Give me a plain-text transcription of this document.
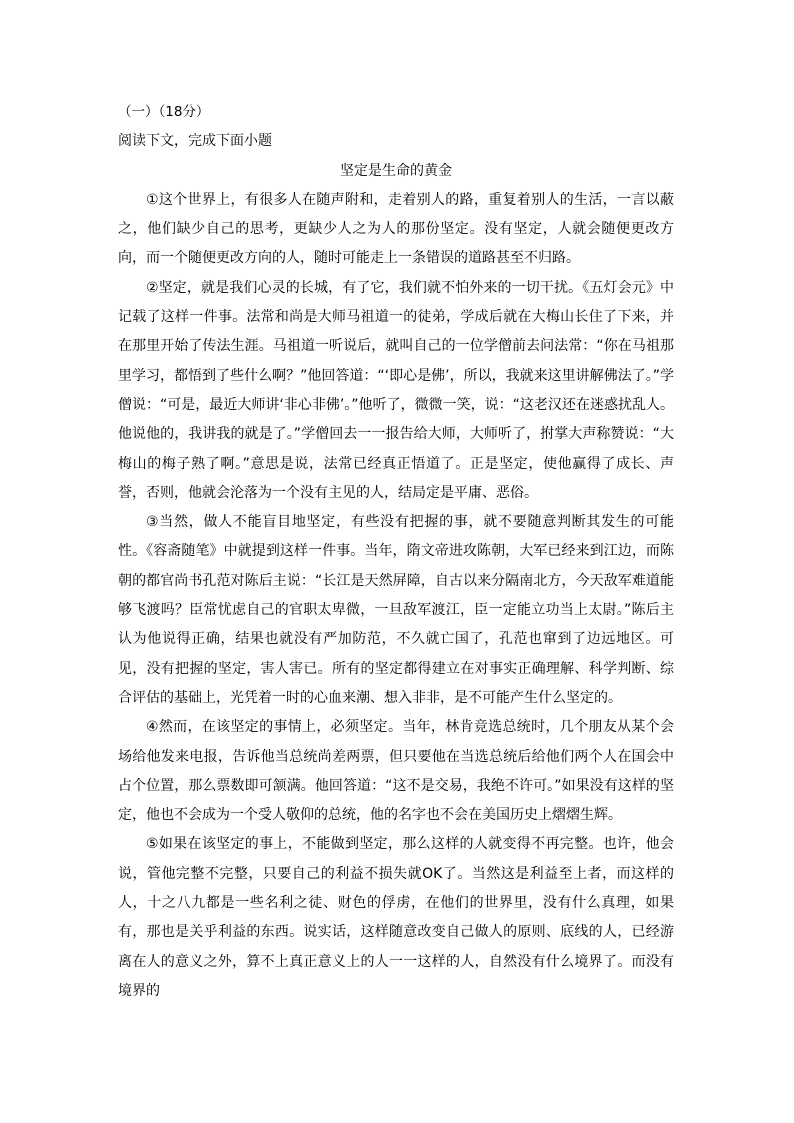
（一）（18分）

阅读下文，完成下面小题

坚定是生命的黄金

①这个世界上，有很多人在随声附和，走着别人的路，重复着别人的生活，一言以蔽之，他们缺少自己的思考，更缺少人之为人的那份坚定。没有坚定，人就会随便更改方向，而一个随便更改方向的人，随时可能走上一条错误的道路甚至不归路。

②坚定，就是我们心灵的长城，有了它，我们就不怕外来的一切干扰。《五灯会元》中记载了这样一件事。法常和尚是大师马祖道一的徒弟，学成后就在大梅山长住了下来，并在那里开始了传法生涯。马祖道一听说后，就叫自己的一位学僧前去问法常：“你在马祖那里学习，都悟到了些什么啊？”他回答道：“‘即心是佛’，所以，我就来这里讲解佛法了。”学僧说：“可是，最近大师讲‘非心非佛’。”他听了，微微一笑，说：“这老汉还在迷惑扰乱人。他说他的，我讲我的就是了。”学僧回去一一报告给大师，大师听了，拊掌大声称赞说：“大梅山的梅子熟了啊。”意思是说，法常已经真正悟道了。正是坚定，使他赢得了成长、声誉，否则，他就会沦落为一个没有主见的人，结局定是平庸、恶俗。

③当然，做人不能盲目地坚定，有些没有把握的事，就不要随意判断其发生的可能性。《容斋随笔》中就提到这样一件事。当年，隋文帝进攻陈朝，大军已经来到江边，而陈朝的都官尚书孔范对陈后主说：“长江是天然屏障，自古以来分隔南北方，今天敌军难道能够飞渡吗？臣常忧虑自己的官职太卑微，一旦敌军渡江，臣一定能立功当上太尉。”陈后主认为他说得正确，结果也就没有严加防范，不久就亡国了，孔范也窜到了边远地区。可见，没有把握的坚定，害人害已。所有的坚定都得建立在对事实正确理解、科学判断、综合评估的基础上，光凭着一时的心血来潮、想入非非，是不可能产生什么坚定的。

④然而，在该坚定的事情上，必须坚定。当年，林肯竞选总统时，几个朋友从某个会场给他发来电报，告诉他当总统尚差两票，但只要他在当选总统后给他们两个人在国会中占个位置，那么票数即可颔满。他回答道：“这不是交易，我绝不许可。”如果没有这样的坚定，他也不会成为一个受人敬仰的总统，他的名字也不会在美国历史上熠熠生辉。

⑤如果在该坚定的事上，不能做到坚定，那么这样的人就变得不再完整。也许，他会说，管他完整不完整，只要自己的利益不损失就OK了。当然这是利益至上者，而这样的人，十之八九都是一些名利之徒、财色的俘虏，在他们的世界里，没有什么真理，如果有，那也是关乎利益的东西。说实话，这样随意改变自己做人的原则、底线的人，已经游离在人的意义之外，算不上真正意义上的人一一这样的人，自然没有什么境界了。而没有境界的
